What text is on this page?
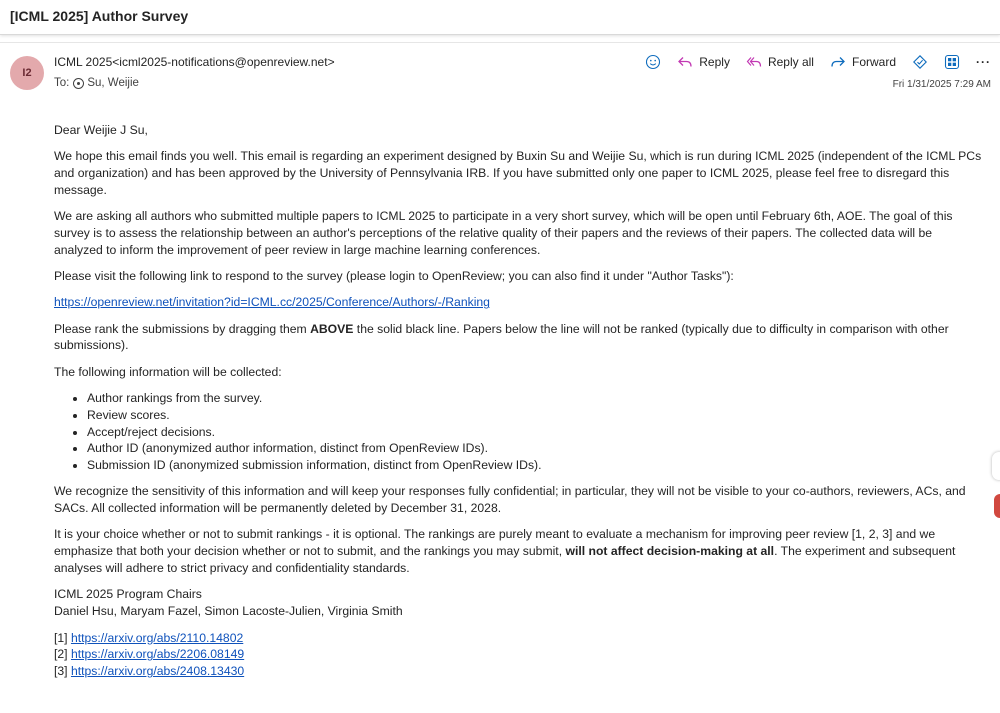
[ICML 2025] Author Survey
I2
ICML 2025<icml2025-notifications@openreview.net>
To: Su, Weijie
Reply	Reply all	Forward	···
Fri 1/31/2025 7:29 AM

Dear Weijie J Su,

We hope this email finds you well. This email is regarding an experiment designed by Buxin Su and Weijie Su, which is run during ICML 2025 (independent of the ICML PCs and organization) and has been approved by the University of Pennsylvania IRB. If you have submitted only one paper to ICML 2025, please feel free to disregard this message.

We are asking all authors who submitted multiple papers to ICML 2025 to participate in a very short survey, which will be open until February 6th, AOE. The goal of this survey is to assess the relationship between an author's perceptions of the relative quality of their papers and the reviews of their papers. The collected data will be analyzed to inform the improvement of peer review in large machine learning conferences.

Please visit the following link to respond to the survey (please login to OpenReview; you can also find it under "Author Tasks"):

https://openreview.net/invitation?id=ICML.cc/2025/Conference/Authors/-/Ranking

Please rank the submissions by dragging them ABOVE the solid black line. Papers below the line will not be ranked (typically due to difficulty in comparison with other submissions).

The following information will be collected:

• Author rankings from the survey.
• Review scores.
• Accept/reject decisions.
• Author ID (anonymized author information, distinct from OpenReview IDs).
• Submission ID (anonymized submission information, distinct from OpenReview IDs).

We recognize the sensitivity of this information and will keep your responses fully confidential; in particular, they will not be visible to your co-authors, reviewers, ACs, and SACs. All collected information will be permanently deleted by December 31, 2028.

It is your choice whether or not to submit rankings - it is optional. The rankings are purely meant to evaluate a mechanism for improving peer review [1, 2, 3] and we emphasize that both your decision whether or not to submit, and the rankings you may submit, will not affect decision-making at all. The experiment and subsequent analyses will adhere to strict privacy and confidentiality standards.

ICML 2025 Program Chairs
Daniel Hsu, Maryam Fazel, Simon Lacoste-Julien, Virginia Smith
[1] https://arxiv.org/abs/2110.14802
[2] https://arxiv.org/abs/2206.08149
[3] https://arxiv.org/abs/2408.13430
